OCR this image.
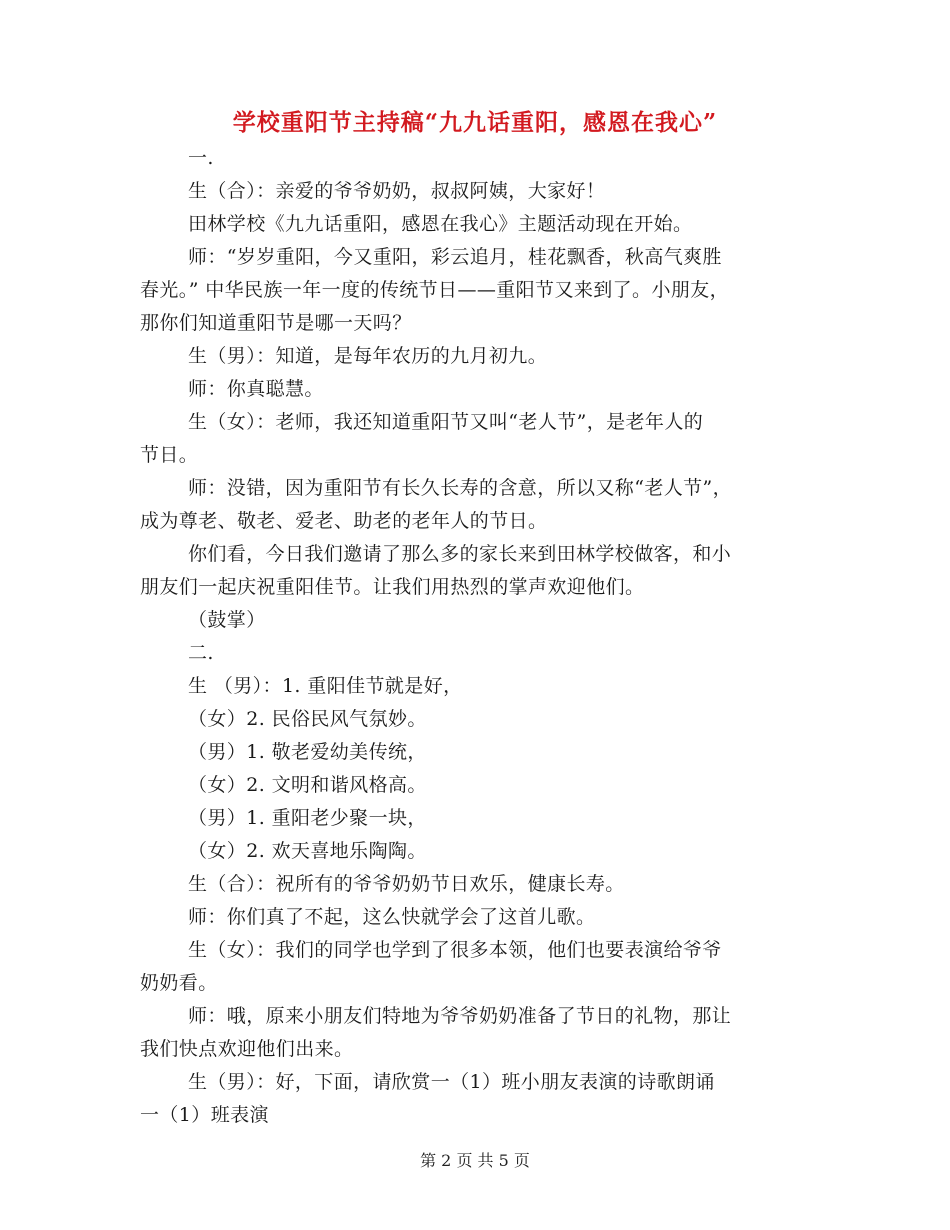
学校重阳节主持稿“九九话重阳，感恩在我心”
一.
生（合）：亲爱的爷爷奶奶，叔叔阿姨，大家好！
田林学校《九九话重阳，感恩在我心》主题活动现在开始。
师：“岁岁重阳，今又重阳，彩云追月，桂花飘香，秋高气爽胜
春光。” 中华民族一年一度的传统节日——重阳节又来到了。小朋友，
那你们知道重阳节是哪一天吗？
生（男）：知道，是每年农历的九月初九。
师：你真聪慧。
生（女）：老师，我还知道重阳节又叫“老人节”，是老年人的
节日。
师：没错，因为重阳节有长久长寿的含意，所以又称“老人节”，
成为尊老、敬老、爱老、助老的老年人的节日。
你们看，今日我们邀请了那么多的家长来到田林学校做客，和小
朋友们一起庆祝重阳佳节。让我们用热烈的掌声欢迎他们。
（鼓掌）
二.
生 （男）：1. 重阳佳节就是好，
（女）2. 民俗民风气氛妙。
（男）1. 敬老爱幼美传统，
（女）2. 文明和谐风格高。
（男）1. 重阳老少聚一块，
（女）2. 欢天喜地乐陶陶。
生（合）：祝所有的爷爷奶奶节日欢乐，健康长寿。
师：你们真了不起，这么快就学会了这首儿歌。
生（女）：我们的同学也学到了很多本领，他们也要表演给爷爷
奶奶看。
师：哦，原来小朋友们特地为爷爷奶奶准备了节日的礼物，那让
我们快点欢迎他们出来。
生（男）：好，下面，请欣赏一（1）班小朋友表演的诗歌朗诵
一（1）班表演
第 2 页 共 5 页
